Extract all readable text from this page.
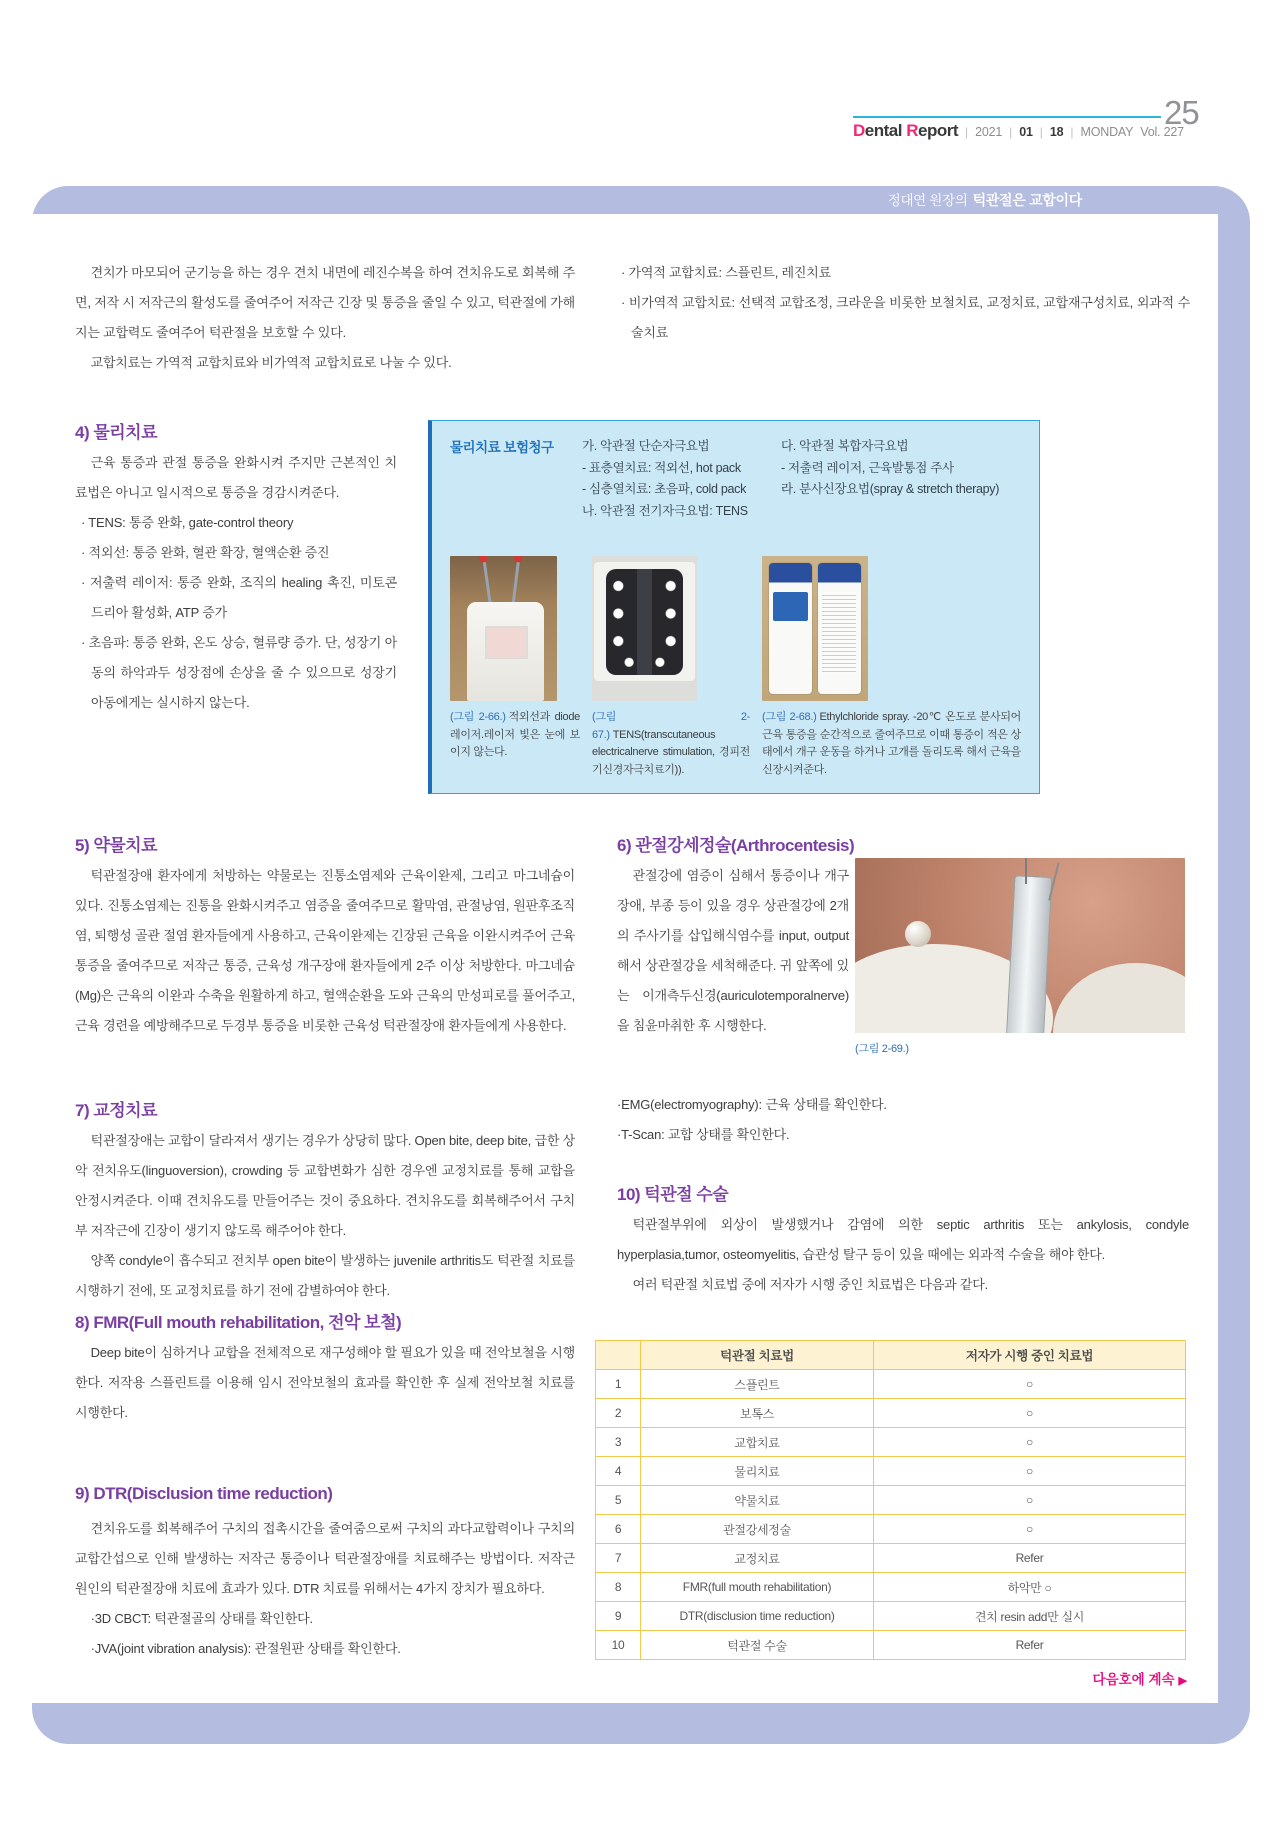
Dental Report | 2021 | 01 | 18 | MONDAY Vol. 227
25
정대연 원장의 턱관절은 교합이다

견치가 마모되어 군기능을 하는 경우 견치 내면에 레진수복을 하여 견치유도로 회복해 주면, 저작 시 저작근의 활성도를 줄여주어 저작근 긴장 및 통증을 줄일 수 있고, 턱관절에 가해지는 교합력도 줄여주어 턱관절을 보호할 수 있다.

교합치료는 가역적 교합치료와 비가역적 교합치료로 나눌 수 있다.

· 가역적 교합치료: 스플린트, 레진치료

· 비가역적 교합치료: 선택적 교합조정, 크라운을 비롯한 보철치료, 교정치료, 교합재구성치료, 외과적 수술치료

4) 물리치료

근육 통증과 관절 통증을 완화시켜 주지만 근본적인 치료법은 아니고 일시적으로 통증을 경감시켜준다.

· TENS: 통증 완화, gate-control theory

· 적외선: 통증 완화, 혈관 확장, 혈액순환 증진

· 저출력 레이저: 통증 완화, 조직의 healing 촉진, 미토콘드리아 활성화, ATP 증가

· 초음파: 통증 완화, 온도 상승, 혈류량 증가. 단, 성장기 아동의 하악과두 성장점에 손상을 줄 수 있으므로 성장기 아동에게는 실시하지 않는다.

물리치료 보험청구	가. 악관절 단순자극요법

- 표층열치료: 적외선, hot pack

- 심층열치료: 초음파, cold pack

나. 악관절 전기자극요법: TENS

다. 악관절 복합자극요법

- 저출력 레이저, 근육발통점 주사

라. 분사신장요법(spray & stretch therapy)

(그림 2-66.) 적외선과 diode 레이저.레이저 빛은 눈에 보이지 않는다.

(그림 2-67.) TENS(transcutaneous electricalnerve stimulation, 경피전기신경자극치료기)).

(그림 2-68.) Ethylchloride spray. -20℃ 온도로 분사되어 근육 통증을 순간적으로 줄여주므로 이때 통증이 적은 상태에서 개구 운동을 하거나 고개를 돌리도록 해서 근육을 신장시켜준다.

5) 약물치료

턱관절장애 환자에게 처방하는 약물로는 진통소염제와 근육이완제, 그리고 마그네슘이 있다. 진통소염제는 진통을 완화시켜주고 염증을 줄여주므로 활막염, 관절낭염, 원판후조직염, 퇴행성 골관 절염 환자들에게 사용하고, 근육이완제는 긴장된 근육을 이완시켜주어 근육 통증을 줄여주므로 저작근 통증, 근육성 개구장애 환자들에게 2주 이상 처방한다. 마그네슘(Mg)은 근육의 이완과 수축을 원활하게 하고, 혈액순환을 도와 근육의 만성피로를 풀어주고, 근육 경련을 예방해주므로 두경부 통증을 비롯한 근육성 턱관절장애 환자들에게 사용한다.

6) 관절강세정술(Arthrocentesis)

관절강에 염증이 심해서 통증이나 개구장애, 부종 등이 있을 경우 상관절강에 2개의 주사기를 삽입해식염수를 input, output 해서 상관절강을 세척해준다. 귀 앞쪽에 있는 이개측두신경(auriculotemporalnerve)을 침윤마취한 후 시행한다.

(그림 2-69.)

7) 교정치료

턱관절장애는 교합이 달라져서 생기는 경우가 상당히 많다. Open bite, deep bite, 급한 상악 전치유도(linguoversion), crowding 등 교합변화가 심한 경우엔 교정치료를 통해 교합을 안정시켜준다. 이때 견치유도를 만들어주는 것이 중요하다. 견치유도를 회복해주어서 구치부 저작근에 긴장이 생기지 않도록 해주어야 한다.

양쪽 condyle이 흡수되고 전치부 open bite이 발생하는 juvenile arthritis도 턱관절 치료를 시행하기 전에, 또 교정치료를 하기 전에 감별하여야 한다.

·EMG(electromyography): 근육 상태를 확인한다.

·T-Scan: 교합 상태를 확인한다.

10) 턱관절 수술

턱관절부위에 외상이 발생했거나 감염에 의한 septic arthritis 또는 ankylosis, condyle hyperplasia,tumor, osteomyelitis, 습관성 탈구 등이 있을 때에는 외과적 수술을 해야 한다.

여러 턱관절 치료법 중에 저자가 시행 중인 치료법은 다음과 같다.

8) FMR(Full mouth rehabilitation, 전악 보철)

Deep bite이 심하거나 교합을 전체적으로 재구성해야 할 필요가 있을 때 전악보철을 시행한다. 저작용 스플린트를 이용해 임시 전악보철의 효과를 확인한 후 실제 전악보철 치료를 시행한다.

9) DTR(Disclusion time reduction)

견치유도를 회복해주어 구치의 접촉시간을 줄여줌으로써 구치의 과다교합력이나 구치의 교합간섭으로 인해 발생하는 저작근 통증이나 턱관절장애를 치료해주는 방법이다. 저작근 원인의 턱관절장애 치료에 효과가 있다. DTR 치료를 위해서는 4가지 장치가 필요하다.

·3D CBCT: 턱관절골의 상태를 확인한다.

·JVA(joint vibration analysis): 관절원판 상태를 확인한다.

	턱관절 치료법	저자가 시행 중인 치료법
1	스플린트	○
2	보톡스	○
3	교합치료	○
4	물리치료	○
5	약물치료	○
6	관절강세정술	○
7	교정치료	Refer
8	FMR(full mouth rehabilitation)	하악만 ○
9	DTR(disclusion time reduction)	견치 resin add만 실시
10	턱관절 수술	Refer
다음호에 계속 ▶
